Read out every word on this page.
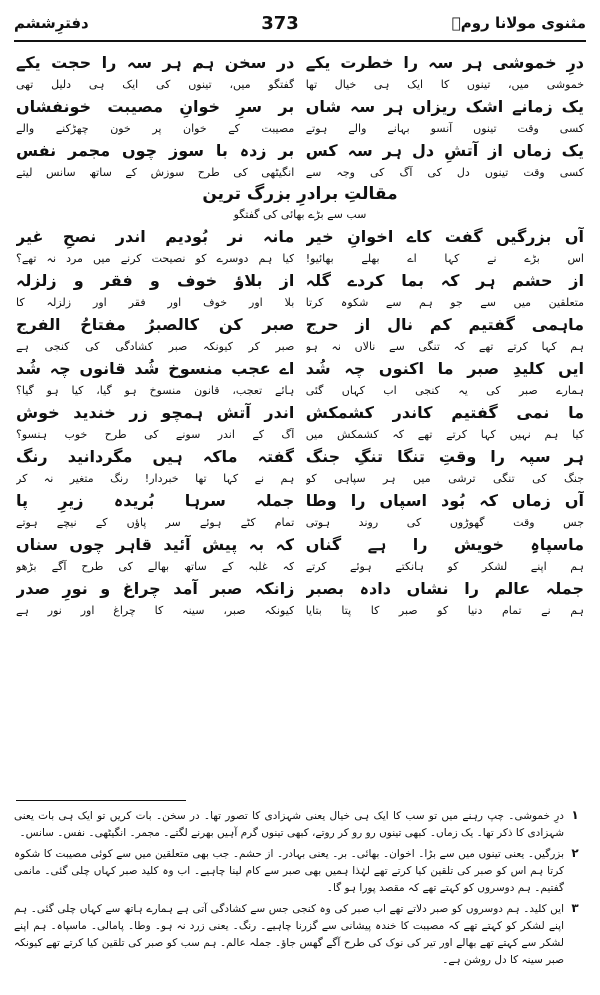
دفترِششم	373	مثنوی مولانا رومؒ
درِ خموشی ہر سہ را خطرت یکے
در سخن ہم ہر سہ را حجت یکے
خموشی میں، تینوں کا ایک ہی خیال تھا
گفتگو میں، تینوں کی ایک ہی دلیل تھی
یک زمانے اشک ریزاں ہر سہ شاں
بر سرِ خوانِ مصیبت خونفشاں
کسی وقت تینوں آنسو بہانے والے ہوتے
مصیبت کے خوان پر خون چھڑکنے والے
یک زماں از آتشِ دل ہر سہ کس
بر زدہ با سوز چوں مجمر نفس
کسی وقت تینوں دل کی آگ کی وجہ سے
انگیٹھی کی طرح سوزش کے ساتھ سانس لیتے
مقالتِ برادرِ بزرگ ترین
سب سے بڑے بھائی کی گفتگو
آں بزرگیں گفت کاے اخوانِ خیر
مانہ نر بُودیم اندر نصحِ غیر
اس بڑے نے کہا اے بھلے بھائیو!
کیا ہم دوسرے کو نصیحت کرنے میں مرد نہ تھے؟
از حشم ہر کہ بما کردے گلہ
از بلاؤ خوف و فقر و زلزلہ
متعلقین میں سے جو ہم سے شکوہ کرتا
بلا اور خوف اور فقر اور زلزلہ کا
ماہمی گفتیم کم نال از حرج
صبر کن کالصبرُ مفتاحُ الفرج
ہم کہا کرتے تھے کہ تنگی سے نالاں نہ ہو
صبر کر کیونکہ صبر کشادگی کی کنجی ہے
ایں کلیدِ صبر ما اکنوں چہ شُد
اے عجب منسوخ شُد قانوں چہ شُد
ہمارے صبر کی یہ کنجی اب کہاں گئی
ہائے تعجب، قانون منسوخ ہو گیا، کیا ہو گیا؟
ما نمی گفتیم کاندر کشمکش
اندر آتش ہمچو زر خندید خوش
کیا ہم نہیں کہا کرتے تھے کہ کشمکش میں
آگ کے اندر سونے کی طرح خوب ہنسو؟
ہر سپہ را وقتِ تنگا تنگِ جنگ
گفتہ ماکہ ہیں مگردانید رنگ
جنگ کی تنگی ترشی میں ہر سپاہی کو
ہم نے کہا تھا خبردار! رنگ متغیر نہ کر
آں زماں کہ بُود اسپاں را وطا
جملہ سرہا بُریدہ زیرِ پا
جس وقت گھوڑوں کی روند ہوتی
تمام کٹے ہوئے سر پاؤں کے نیچے ہوتے
ماسپاہِ خویش را ہے گناں
کہ بہ پیش آئید قاہر چوں سناں
ہم اپنے لشکر کو ہانکتے ہوئے کرتے
کہ غلبہ کے ساتھ بھالے کی طرح آگے بڑھو
جملہ عالم را نشاں دادہ بصبر
زانکہ صبر آمد چراغ و نورِ صدر
ہم نے تمام دنیا کو صبر کا پتا بتایا
کیونکہ صبر، سینہ کا چراغ اور نور ہے
۱
درِ خموشی۔ چپ رہنے میں تو سب کا ایک ہی خیال یعنی شہزادی کا تصور تھا۔ در سخن۔ بات کریں تو ایک ہی بات یعنی شہزادی کا ذکر تھا۔ یک زماں۔ کبھی تینوں رو رو کر روتے، کبھی تینوں گرم آہیں بھرنے لگتے۔ مجمر۔ انگیٹھی۔ نفس۔ سانس۔
۲
بزرگیں۔ یعنی تینوں میں سے بڑا۔ اخوان۔ بھائی۔ بر۔ یعنی بہادر۔ از حشم۔ جب بھی متعلقین میں سے کوئی مصیبت کا شکوہ کرتا ہم اس کو صبر کی تلقین کیا کرتے تھے لہٰذا ہمیں بھی صبر سے کام لینا چاہیے۔ اب وہ کلید صبر کہاں چلی گئی۔ مانمی گفتیم۔ ہم دوسروں کو کہتے تھے کہ مقصد پورا ہو گا۔
۳
ایں کلید۔ ہم دوسروں کو صبر دلاتے تھے اب صبر کی وہ کنجی جس سے کشادگی آتی ہے ہمارے ہاتھ سے کہاں چلی گئی۔ ہم اپنے لشکر کو کہتے تھے کہ مصیبت کا خندہ پیشانی سے گزرنا چاہیے۔ رنگ۔ یعنی زرد نہ ہو۔ وطا۔ پامالی۔ ماسپاہ۔ ہم اپنے لشکر سے کہتے تھے بھالے اور تیر کی نوک کی طرح آگے گھس جاؤ۔ جملہ عالم۔ ہم سب کو صبر کی تلقین کیا کرتے تھے کیونکہ صبر سینہ کا دل روشن ہے۔
